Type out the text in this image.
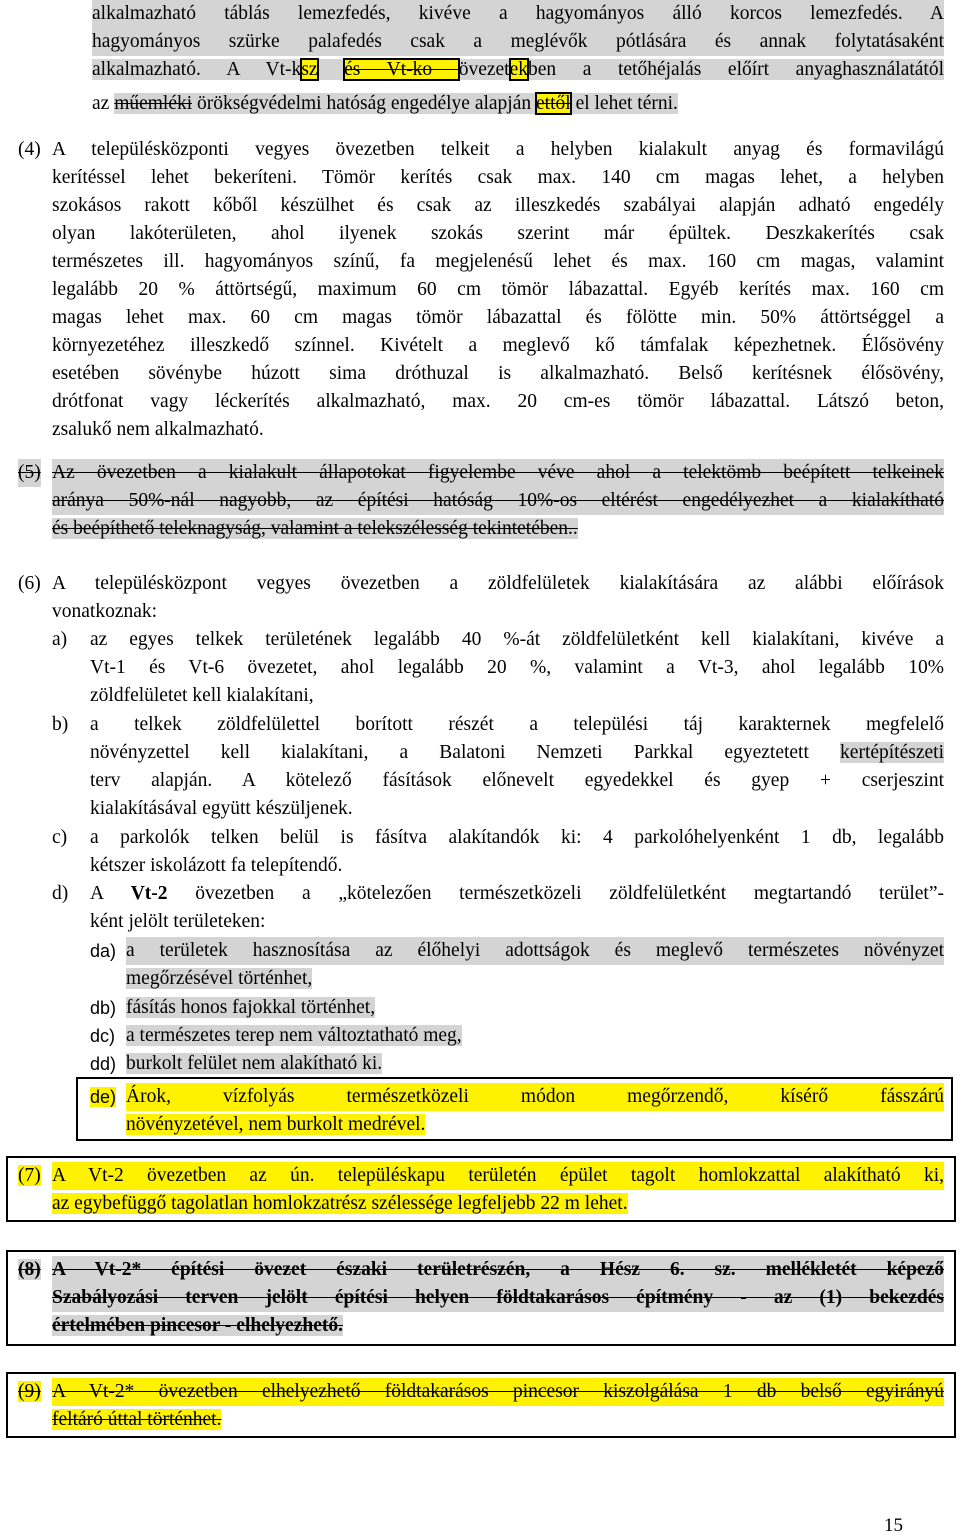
alkalmazható táblás lemezfedés, kivéve a hagyományos álló korcos lemezfedés. A
hagyományos szürke palafedés csak a meglévők pótlására és annak folytatásaként
alkalmazható. A Vt-ksz és Vt-ko övezetekben a tetőhéjalás előírt anyaghasználatától
az műemléki örökségvédelmi hatóság engedélye alapján ettől el lehet térni.
(4) A településközponti vegyes övezetben telkeit a helyben kialakult anyag és formavilágú
kerítéssel lehet bekeríteni. Tömör kerítés csak max. 140 cm magas lehet, a helyben
szokásos rakott kőből készülhet és csak az illeszkedés szabályai alapján adható engedély
olyan lakóterületen, ahol ilyenek szokás szerint már épültek. Deszkakerítés csak
természetes ill. hagyományos színű, fa megjelenésű lehet és max. 160 cm magas, valamint
legalább 20 % áttörtségű, maximum 60 cm tömör lábazattal. Egyéb kerítés max. 160 cm
magas lehet max. 60 cm magas tömör lábazattal és fölötte min. 50% áttörtséggel a
környezetéhez illeszkedő színnel. Kivételt a meglevő kő támfalak képezhetnek. Élősövény
esetében sövénybe húzott sima dróthuzal is alkalmazható. Belső kerítésnek élősövény,
drótfonat vagy léckerítés alkalmazható, max. 20 cm-es tömör lábazattal. Látszó beton,
zsalukő nem alkalmazható.
(5) Az övezetben a kialakult állapotokat figyelembe véve ahol a telektömb beépített telkeinek
aránya 50%-nál nagyobb, az építési hatóság 10%-os eltérést engedélyezhet a kialakítható
és beépíthető teleknagyság, valamint a telekszélesség tekintetében..
(6) A településközpont vegyes övezetben a zöldfelületek kialakítására az alábbi előírások
vonatkoznak:
a) az egyes telkek területének legalább 40 %-át zöldfelületként kell kialakítani, kivéve a
Vt-1 és Vt-6 övezetet, ahol legalább 20 %, valamint a Vt-3, ahol legalább 10%
zöldfelületet kell kialakítani,
b) a telkek zöldfelülettel borított részét a települési táj karakternek megfelelő
növényzettel kell kialakítani, a Balatoni Nemzeti Parkkal egyeztetett kertépítészeti
terv alapján. A kötelező fásítások előnevelt egyedekkel és gyep + cserjeszint
kialakításával együtt készüljenek.
c) a parkolók telken belül is fásítva alakítandók ki: 4 parkolóhelyenként 1 db, legalább
kétszer iskolázott fa telepítendő.
d) A Vt-2 övezetben a „kötelezően természetközeli zöldfelületként megtartandó terület”-
ként jelölt területeken:
da) a területek hasznosítása az élőhelyi adottságok és meglevő természetes növényzet
megőrzésével történhet,
db) fásítás honos fajokkal történhet,
dc) a természetes terep nem változtatható meg,
dd) burkolt felület nem alakítható ki.
de) Árok, vízfolyás természetközeli módon megőrzendő, kísérő fásszárú
növényzetével, nem burkolt medrével.
(7) A Vt-2 övezetben az ún. településkapu területén épület tagolt homlokzattal alakítható ki,
az egybefüggő tagolatlan homlokzatrész szélessége legfeljebb 22 m lehet.
(8) A Vt-2* építési övezet északi területrészén, a Hész 6. sz. mellékletét képező
Szabályozási terven jelölt építési helyen földtakarásos építmény - az (1) bekezdés
értelmében pincesor - elhelyezhető.
(9) A Vt-2* övezetben elhelyezhető földtakarásos pincesor kiszolgálása 1 db belső egyirányú
feltáró úttal történhet.
15
